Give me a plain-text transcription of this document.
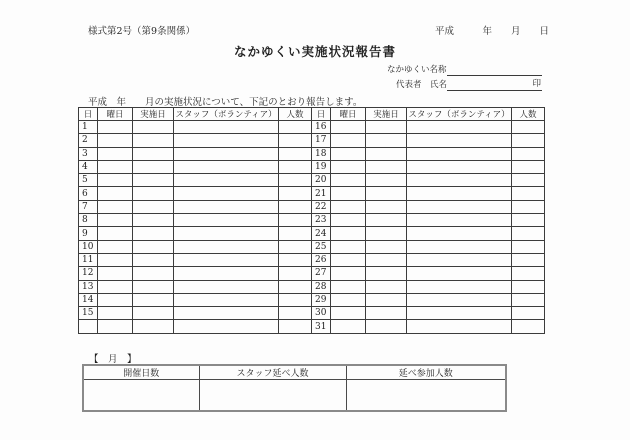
様式第2号（第9条関係）	平成　　　年　　月　　日
なかゆくい実施状況報告書
なかゆくい名称
代表者　氏名	印
平成　年　　月の実施状況について、下記のとおり報告します。
日	曜日	実施日	スタッフ（ボランティア）	人数	日	曜日	実施日	スタッフ（ボランティア）	人数
1					16				
2					17				
3					18				
4					19				
5					20				
6					21				
7					22				
8					23				
9					24				
10					25				
11					26				
12					27				
13					28				
14					29				
15					30				
					31				
【　月　】
開催日数	スタッフ延べ人数	延べ参加人数
